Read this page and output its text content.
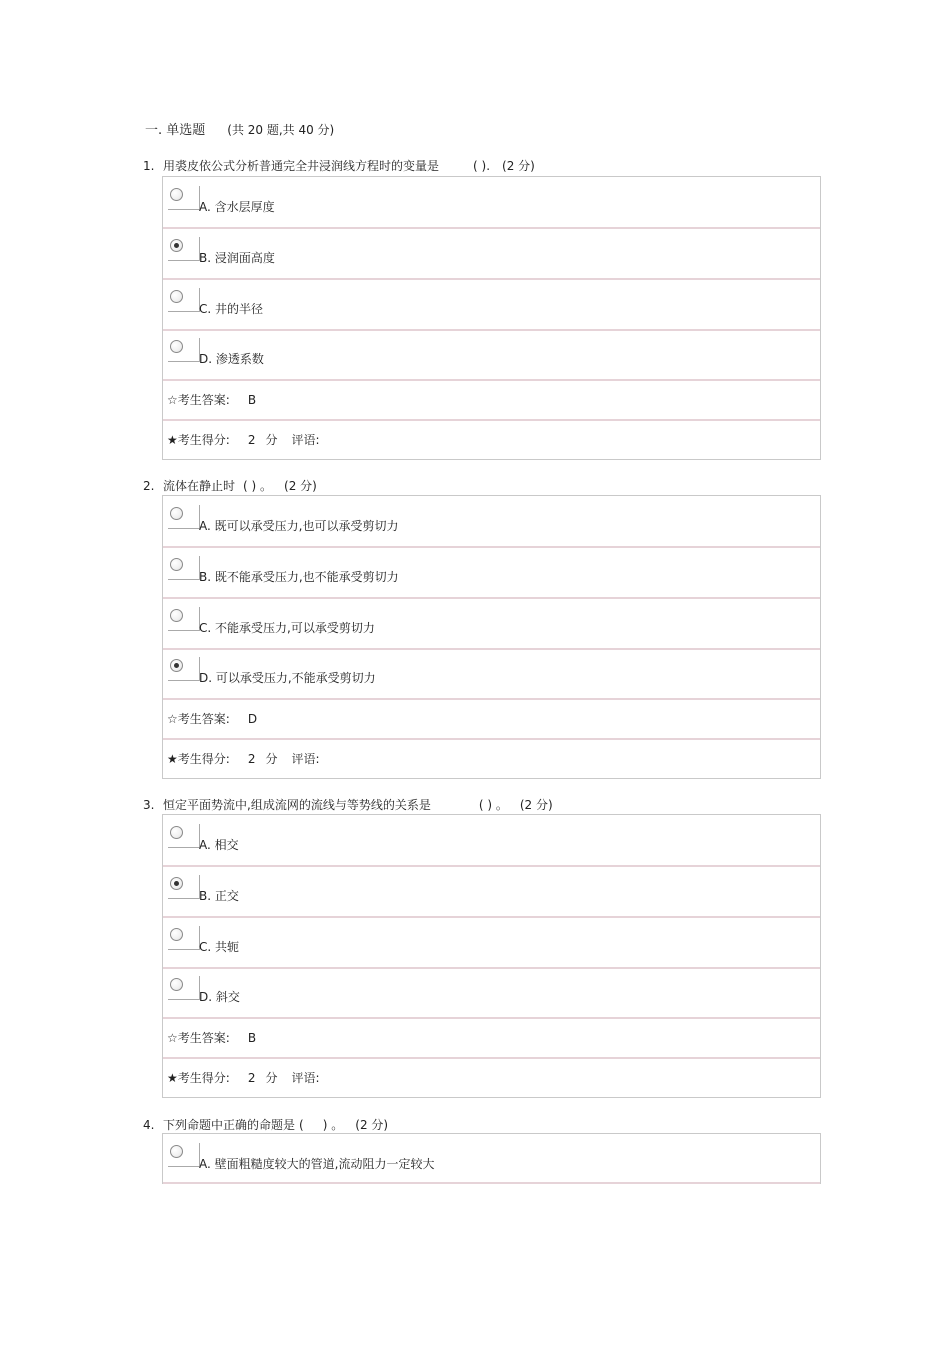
一. 单选题 (共 20 题,共 40 分)
1. 用裘皮依公式分析普通完全井浸润线方程时的变量是	( ). (2 分)
A. 含水层厚度
B. 浸润面高度
C. 井的半径
D. 渗透系数
☆考生答案: B
★考生得分: 2 分 评语:
2. 流体在静止时 ( ) 。 (2 分)
A. 既可以承受压力,也可以承受剪切力
B. 既不能承受压力,也不能承受剪切力
C. 不能承受压力,可以承受剪切力
D. 可以承受压力,不能承受剪切力
☆考生答案: D
★考生得分: 2 分 评语:
3. 恒定平面势流中,组成流网的流线与等势线的关系是	( ) 。 (2 分)
A. 相交
B. 正交
C. 共轭
D. 斜交
☆考生答案: B
★考生得分: 2 分 评语:
4. 下列命题中正确的命题是 (     ) 。 (2 分)
A. 壁面粗糙度较大的管道,流动阻力一定较大
